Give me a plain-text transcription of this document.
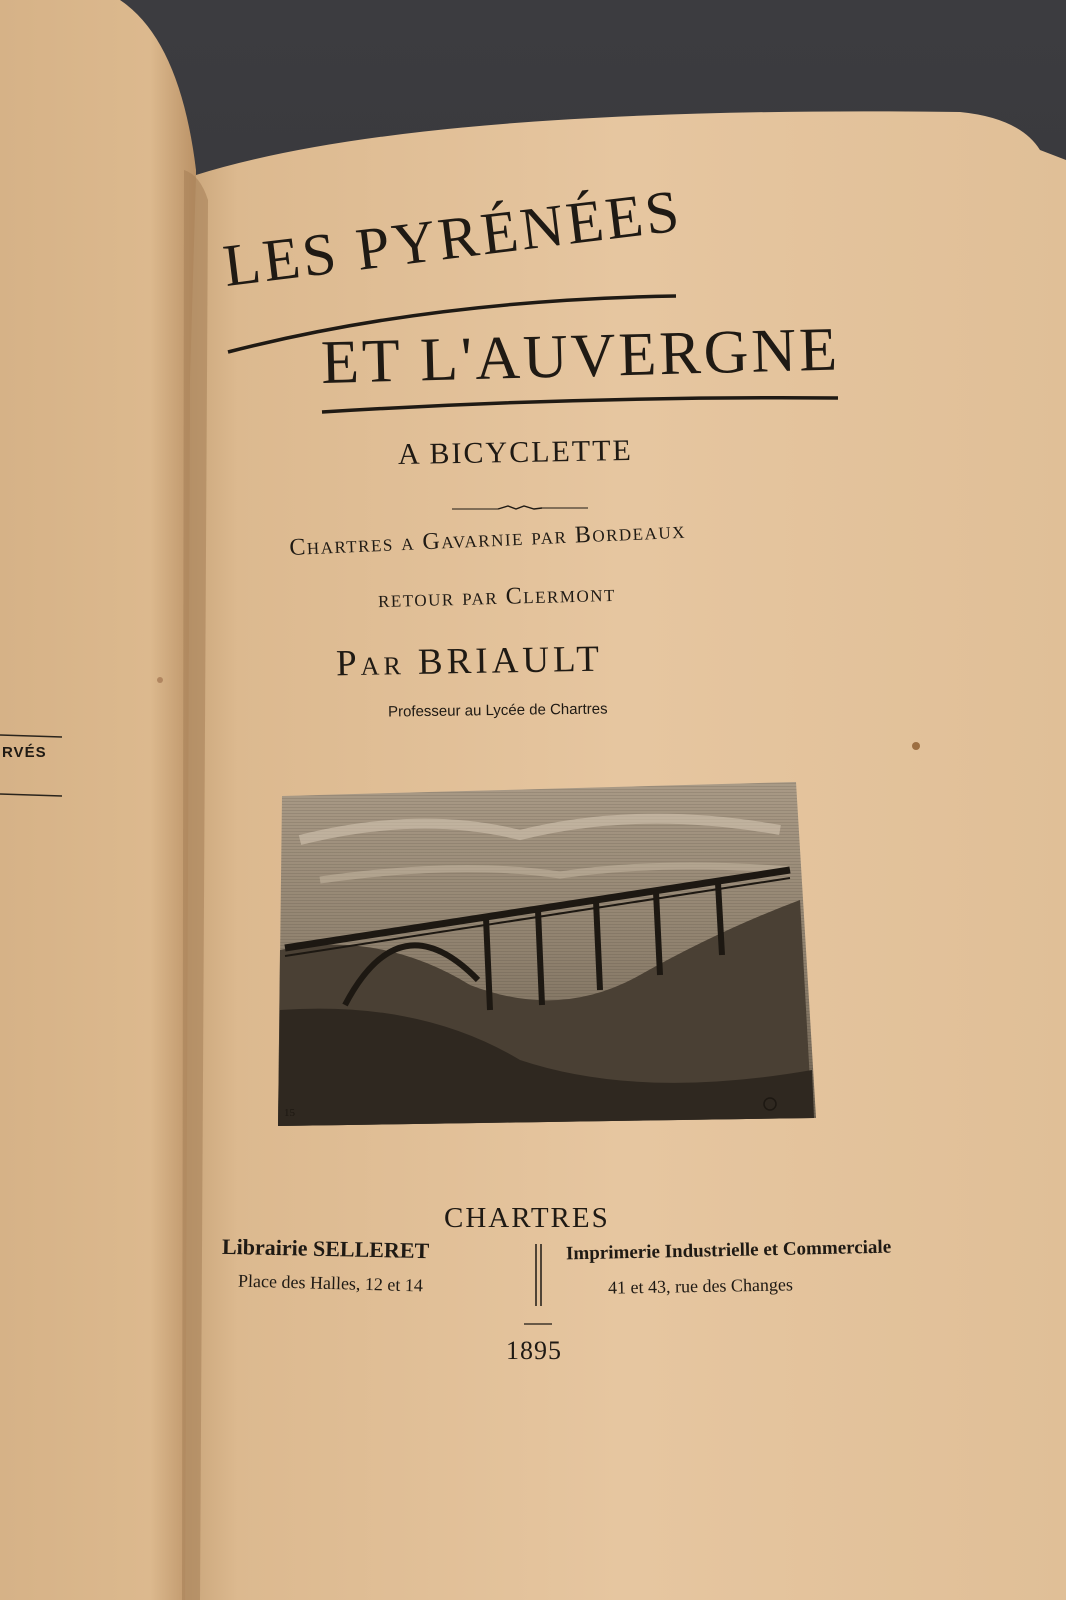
15
LES PYRÉNÉES
ET L'AUVERGNE
A BICYCLETTE
Chartres a Gavarnie par Bordeaux
retour par Clermont
Par BRIAULT
Professeur au Lycée de Chartres
CHARTRES
Librairie SELLERET
Place des Halles, 12 et 14
Imprimerie Industrielle et Commerciale
41 et 43, rue des Changes
1895
RVÉS
